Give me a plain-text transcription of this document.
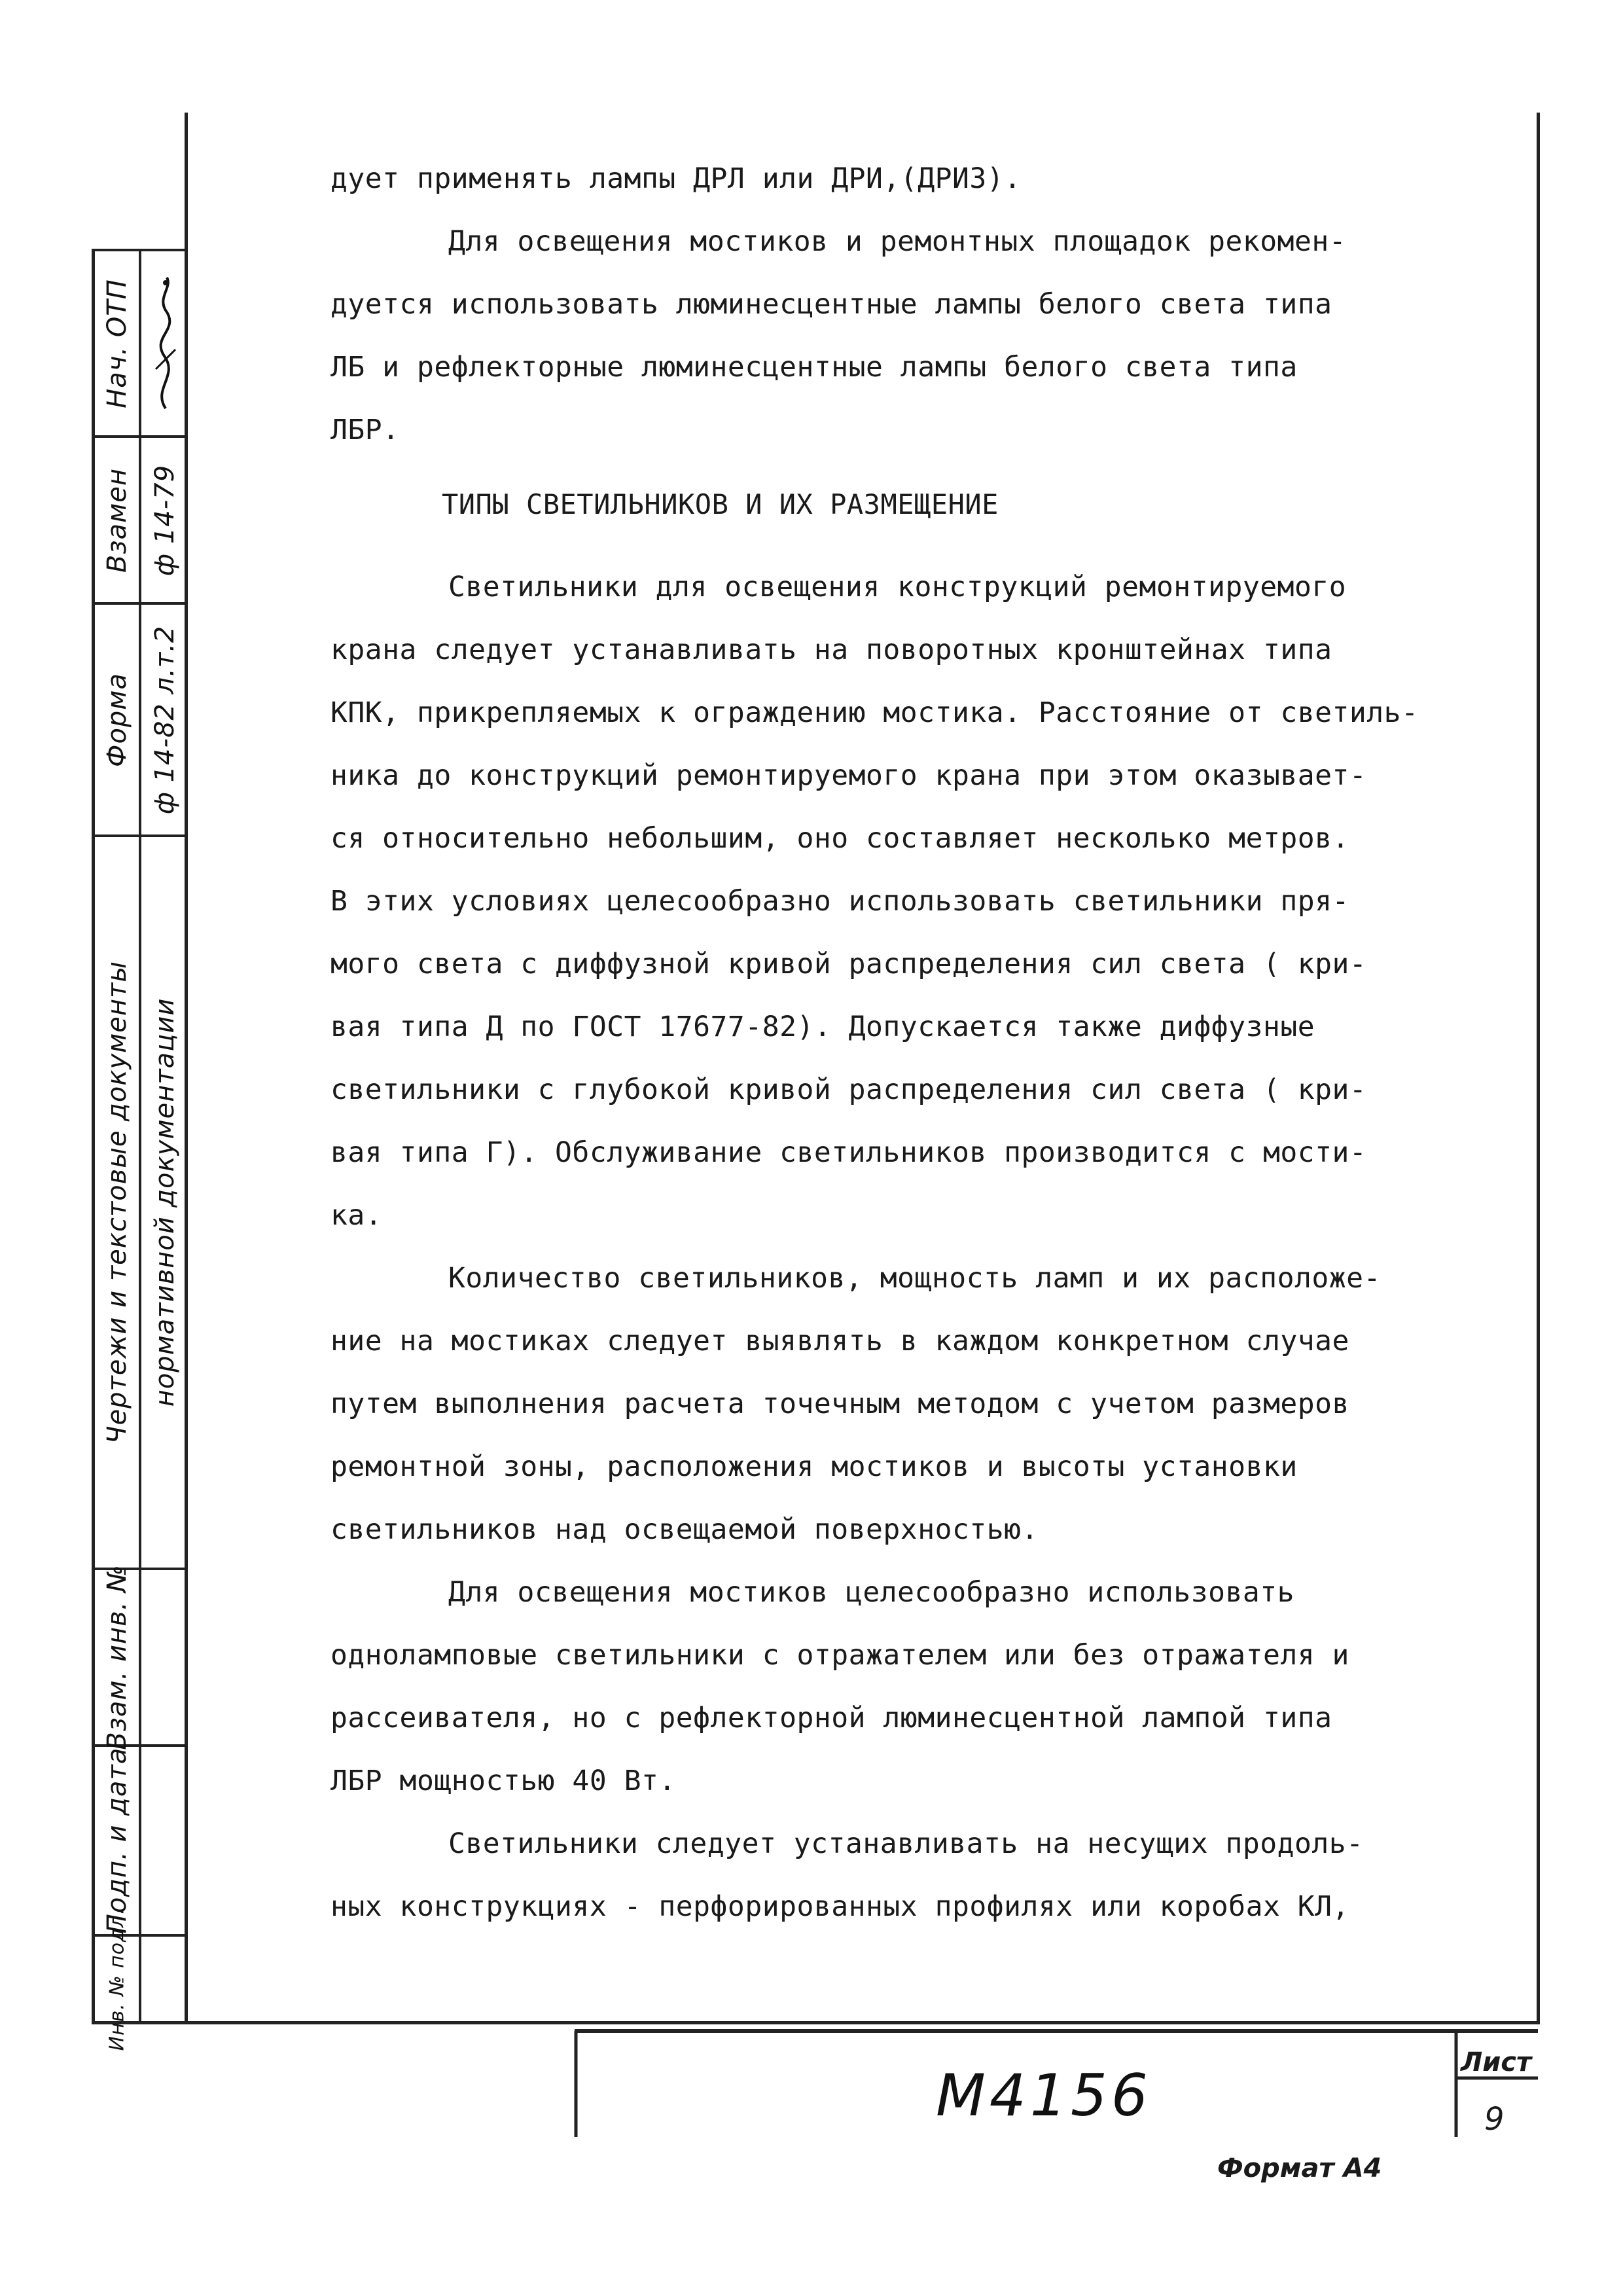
Нач. ОТП
Взамен ф 14-79
Форма ф 14-82 л.т.2
Чертежи и текстовые документы нормативной документации
Взам. инв. №
Подп. и дата
Инв. № подл.

дует применять лампы ДРЛ или ДРИ,(ДРИЗ).

Для освещения мостиков и ремонтных площадок рекомен-
дуется использовать люминесцентные лампы белого света типа
ЛБ и рефлекторные люминесцентные лампы белого света типа
ЛБР.

ТИПЫ СВЕТИЛЬНИКОВ И ИХ РАЗМЕЩЕНИЕ

Светильники для освещения конструкций ремонтируемого
крана следует устанавливать на поворотных кронштейнах типа
КПК, прикрепляемых к ограждению мостика. Расстояние от светиль-
ника до конструкций ремонтируемого крана при этом оказывает-
ся относительно небольшим, оно составляет несколько метров.
В этих условиях целесообразно использовать светильники пря-
мого света с диффузной кривой распределения сил света ( кри-
вая типа Д по ГОСТ 17677-82). Допускается также диффузные
светильники с глубокой кривой распределения сил света ( кри-
вая типа Г). Обслуживание светильников производится с мости-
ка.

Количество светильников, мощность ламп и их расположе-
ние на мостиках следует выявлять в каждом конкретном случае
путем выполнения расчета точечным методом с учетом размеров
ремонтной зоны, расположения мостиков и высоты установки
светильников над освещаемой поверхностью.

Для освещения мостиков целесообразно использовать
одноламповые светильники с отражателем или без отражателя и
рассеивателя, но с рефлекторной люминесцентной лампой типа
ЛБР мощностью 40 Вт.

Светильники следует устанавливать на несущих продоль-
ных конструкциях - перфорированных профилях или коробах КЛ,

М4156	Лист
9
Формат А4
